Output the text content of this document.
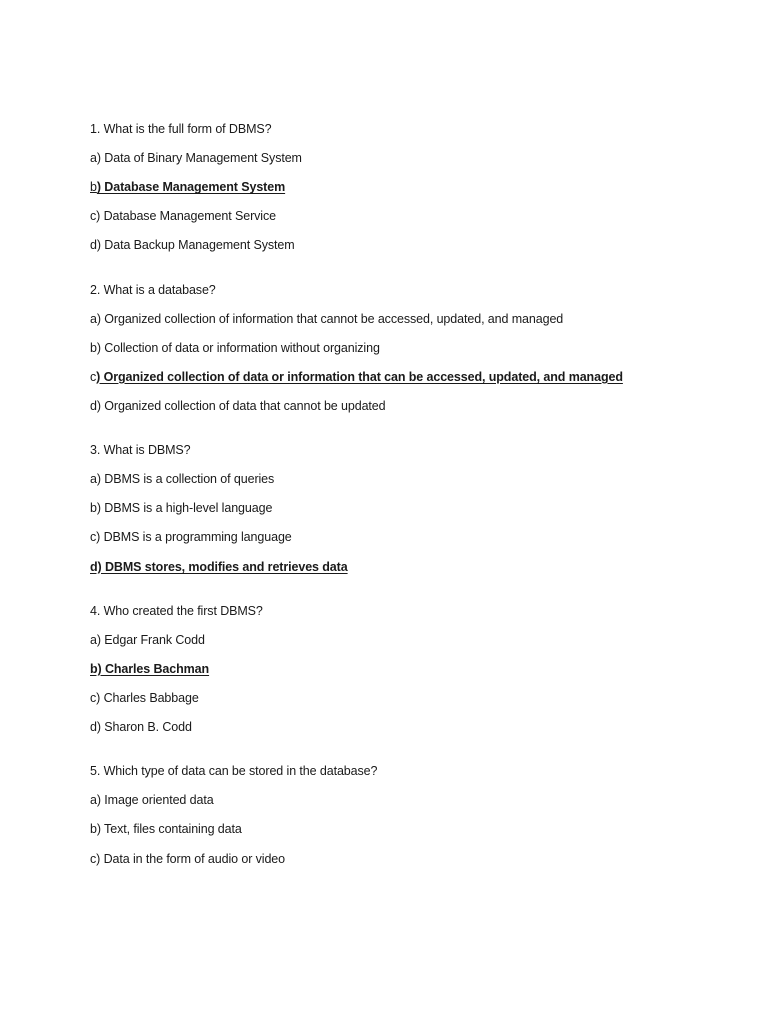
1. What is the full form of DBMS?
a) Data of Binary Management System
b) Database Management System
c) Database Management Service
d) Data Backup Management System
2. What is a database?
a) Organized collection of information that cannot be accessed, updated, and managed
b) Collection of data or information without organizing
c) Organized collection of data or information that can be accessed, updated, and managed
d) Organized collection of data that cannot be updated
3. What is DBMS?
a) DBMS is a collection of queries
b) DBMS is a high-level language
c) DBMS is a programming language
d) DBMS stores, modifies and retrieves data
4. Who created the first DBMS?
a) Edgar Frank Codd
b) Charles Bachman
c) Charles Babbage
d) Sharon B. Codd
5. Which type of data can be stored in the database?
a) Image oriented data
b) Text, files containing data
c) Data in the form of audio or video
